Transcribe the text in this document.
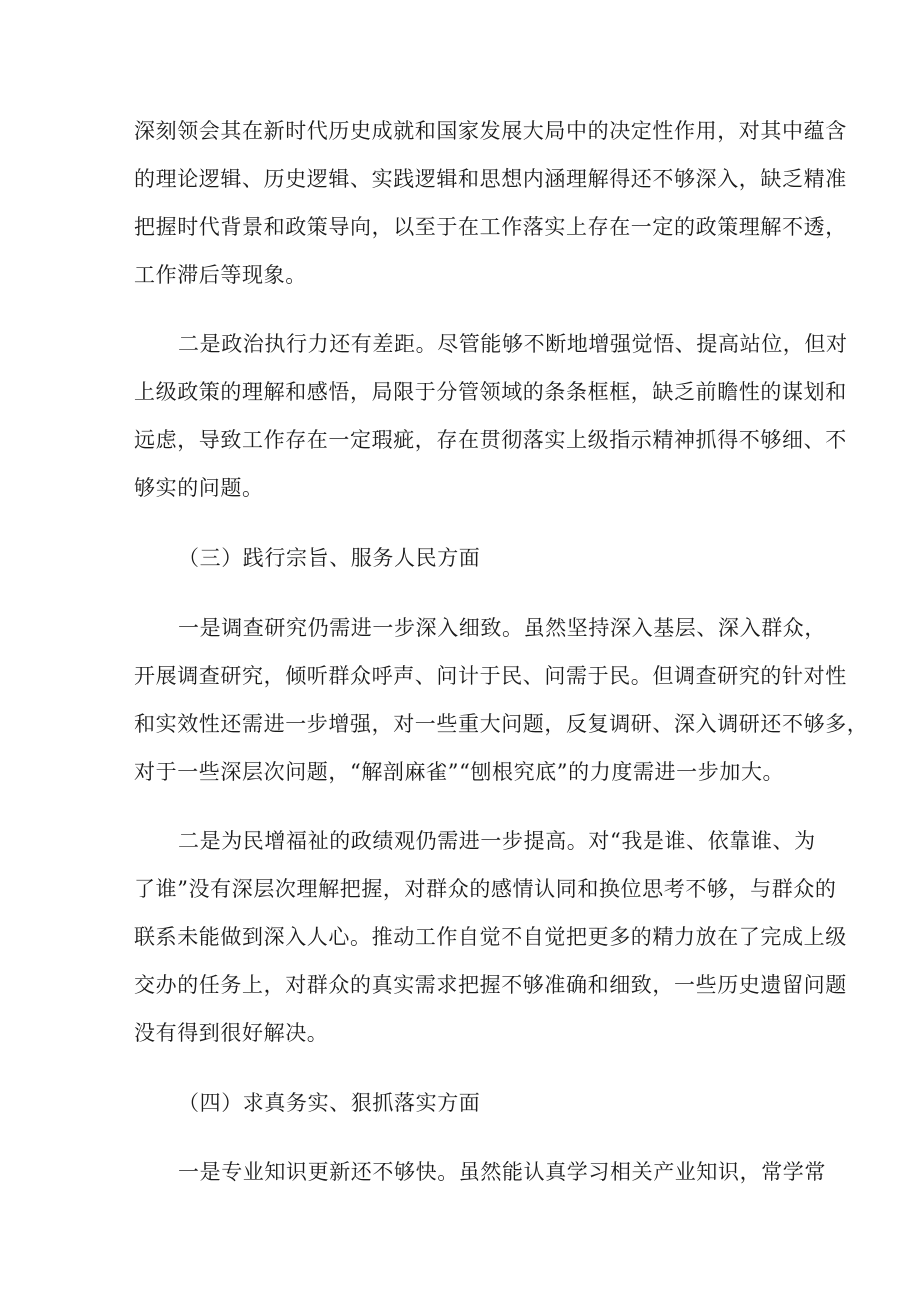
深刻领会其在新时代历史成就和国家发展大局中的决定性作用，对其中蕴含
的理论逻辑、历史逻辑、实践逻辑和思想内涵理解得还不够深入，缺乏精准
把握时代背景和政策导向，以至于在工作落实上存在一定的政策理解不透，
工作滞后等现象。
二是政治执行力还有差距。尽管能够不断地增强觉悟、提高站位，但对
上级政策的理解和感悟，局限于分管领域的条条框框，缺乏前瞻性的谋划和
远虑，导致工作存在一定瑕疵，存在贯彻落实上级指示精神抓得不够细、不
够实的问题。
（三）践行宗旨、服务人民方面
一是调查研究仍需进一步深入细致。虽然坚持深入基层、深入群众，
开展调查研究，倾听群众呼声、问计于民、问需于民。但调查研究的针对性
和实效性还需进一步增强，对一些重大问题，反复调研、深入调研还不够多，
对于一些深层次问题，“解剖麻雀”“刨根究底”的力度需进一步加大。
二是为民增福祉的政绩观仍需进一步提高。对“我是谁、依靠谁、为
了谁”没有深层次理解把握，对群众的感情认同和换位思考不够，与群众的
联系未能做到深入人心。推动工作自觉不自觉把更多的精力放在了完成上级
交办的任务上，对群众的真实需求把握不够准确和细致，一些历史遗留问题
没有得到很好解决。
（四）求真务实、狠抓落实方面
一是专业知识更新还不够快。虽然能认真学习相关产业知识，常学常
